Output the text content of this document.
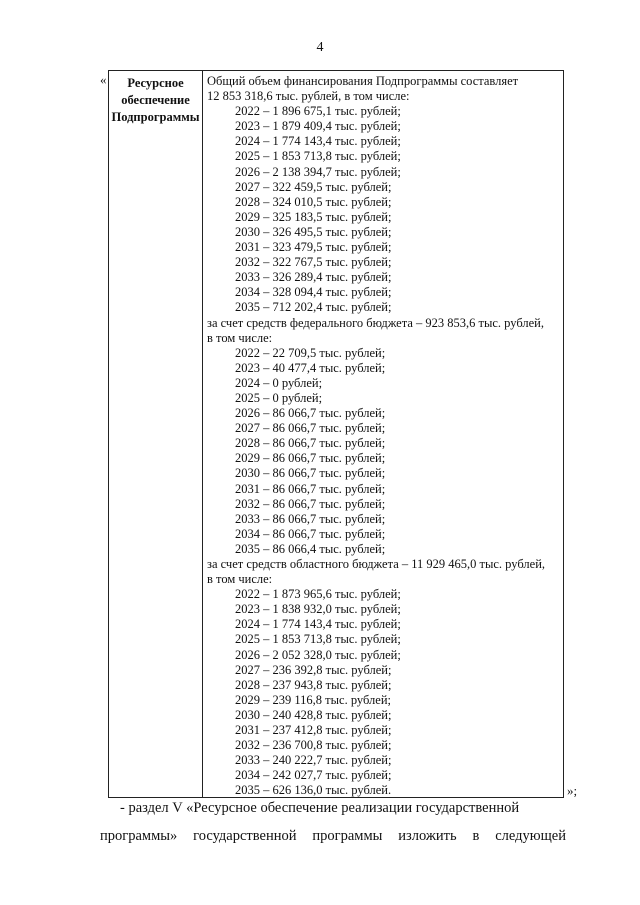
4
«	Ресурсное
обеспечение
Подпрограммы
Общий объем финансирования Подпрограммы составляет
12 853 318,6 тыс. рублей, в том числе:
2022 – 1 896 675,1 тыс. рублей;
2023 – 1 879 409,4 тыс. рублей;
2024 – 1 774 143,4 тыс. рублей;
2025 – 1 853 713,8 тыс. рублей;
2026 – 2 138 394,7 тыс. рублей;
2027 – 322 459,5 тыс. рублей;
2028 – 324 010,5 тыс. рублей;
2029 – 325 183,5 тыс. рублей;
2030 – 326 495,5 тыс. рублей;
2031 – 323 479,5 тыс. рублей;
2032 – 322 767,5 тыс. рублей;
2033 – 326 289,4 тыс. рублей;
2034 – 328 094,4 тыс. рублей;
2035 – 712 202,4 тыс. рублей;
за счет средств федерального бюджета – 923 853,6 тыс. рублей,
в том числе:
2022 – 22 709,5 тыс. рублей;
2023 – 40 477,4 тыс. рублей;
2024 – 0 рублей;
2025 – 0 рублей;
2026 – 86 066,7 тыс. рублей;
2027 – 86 066,7 тыс. рублей;
2028 – 86 066,7 тыс. рублей;
2029 – 86 066,7 тыс. рублей;
2030 – 86 066,7 тыс. рублей;
2031 – 86 066,7 тыс. рублей;
2032 – 86 066,7 тыс. рублей;
2033 – 86 066,7 тыс. рублей;
2034 – 86 066,7 тыс. рублей;
2035 – 86 066,4 тыс. рублей;
за счет средств областного бюджета – 11 929 465,0 тыс. рублей,
в том числе:
2022 – 1 873 965,6 тыс. рублей;
2023 – 1 838 932,0 тыс. рублей;
2024 – 1 774 143,4 тыс. рублей;
2025 – 1 853 713,8 тыс. рублей;
2026 – 2 052 328,0 тыс. рублей;
2027 – 236 392,8 тыс. рублей;
2028 – 237 943,8 тыс. рублей;
2029 – 239 116,8 тыс. рублей;
2030 – 240 428,8 тыс. рублей;
2031 – 237 412,8 тыс. рублей;
2032 – 236 700,8 тыс. рублей;
2033 – 240 222,7 тыс. рублей;
2034 – 242 027,7 тыс. рублей;
2035 – 626 136,0 тыс. рублей.	»;
- раздел V «Ресурсное обеспечение реализации государственной
программы» государственной программы изложить в следующей
